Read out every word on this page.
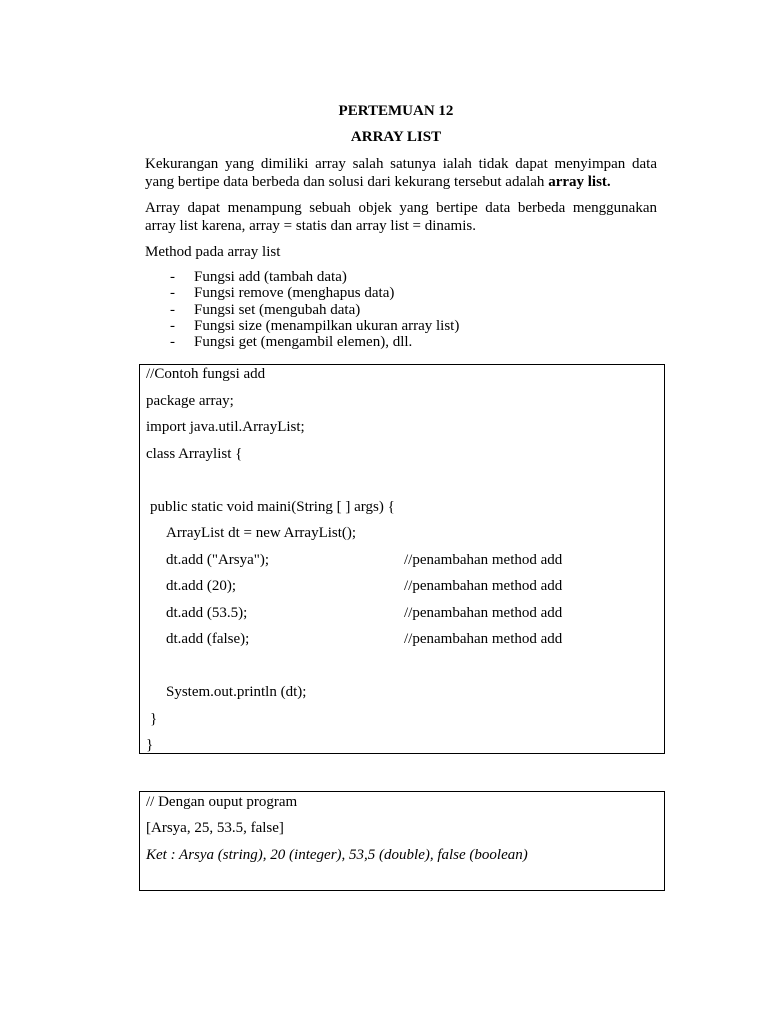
PERTEMUAN 12
ARRAY LIST
Kekurangan yang dimiliki array salah satunya ialah tidak dapat menyimpan data yang bertipe data berbeda dan solusi dari kekurang tersebut adalah array list.
Array dapat menampung sebuah objek yang bertipe data berbeda menggunakan array list karena, array = statis dan array list = dinamis.
Method pada array list
- Fungsi add (tambah data)
- Fungsi remove (menghapus data)
- Fungsi set (mengubah data)
- Fungsi size (menampilkan ukuran array list)
- Fungsi get (mengambil elemen), dll.
//Contoh fungsi add
package array;
import java.util.ArrayList;
class Arraylist {
public static void maini(String [ ] args) {
ArrayList dt = new ArrayList();
dt.add ("Arsya");	//penambahan method add
dt.add (20);	//penambahan method add
dt.add (53.5);	//penambahan method add
dt.add (false);	//penambahan method add
System.out.println (dt);
}
}
// Dengan ouput program
[Arsya, 25, 53.5, false]
Ket : Arsya (string), 20 (integer), 53,5 (double), false (boolean)
